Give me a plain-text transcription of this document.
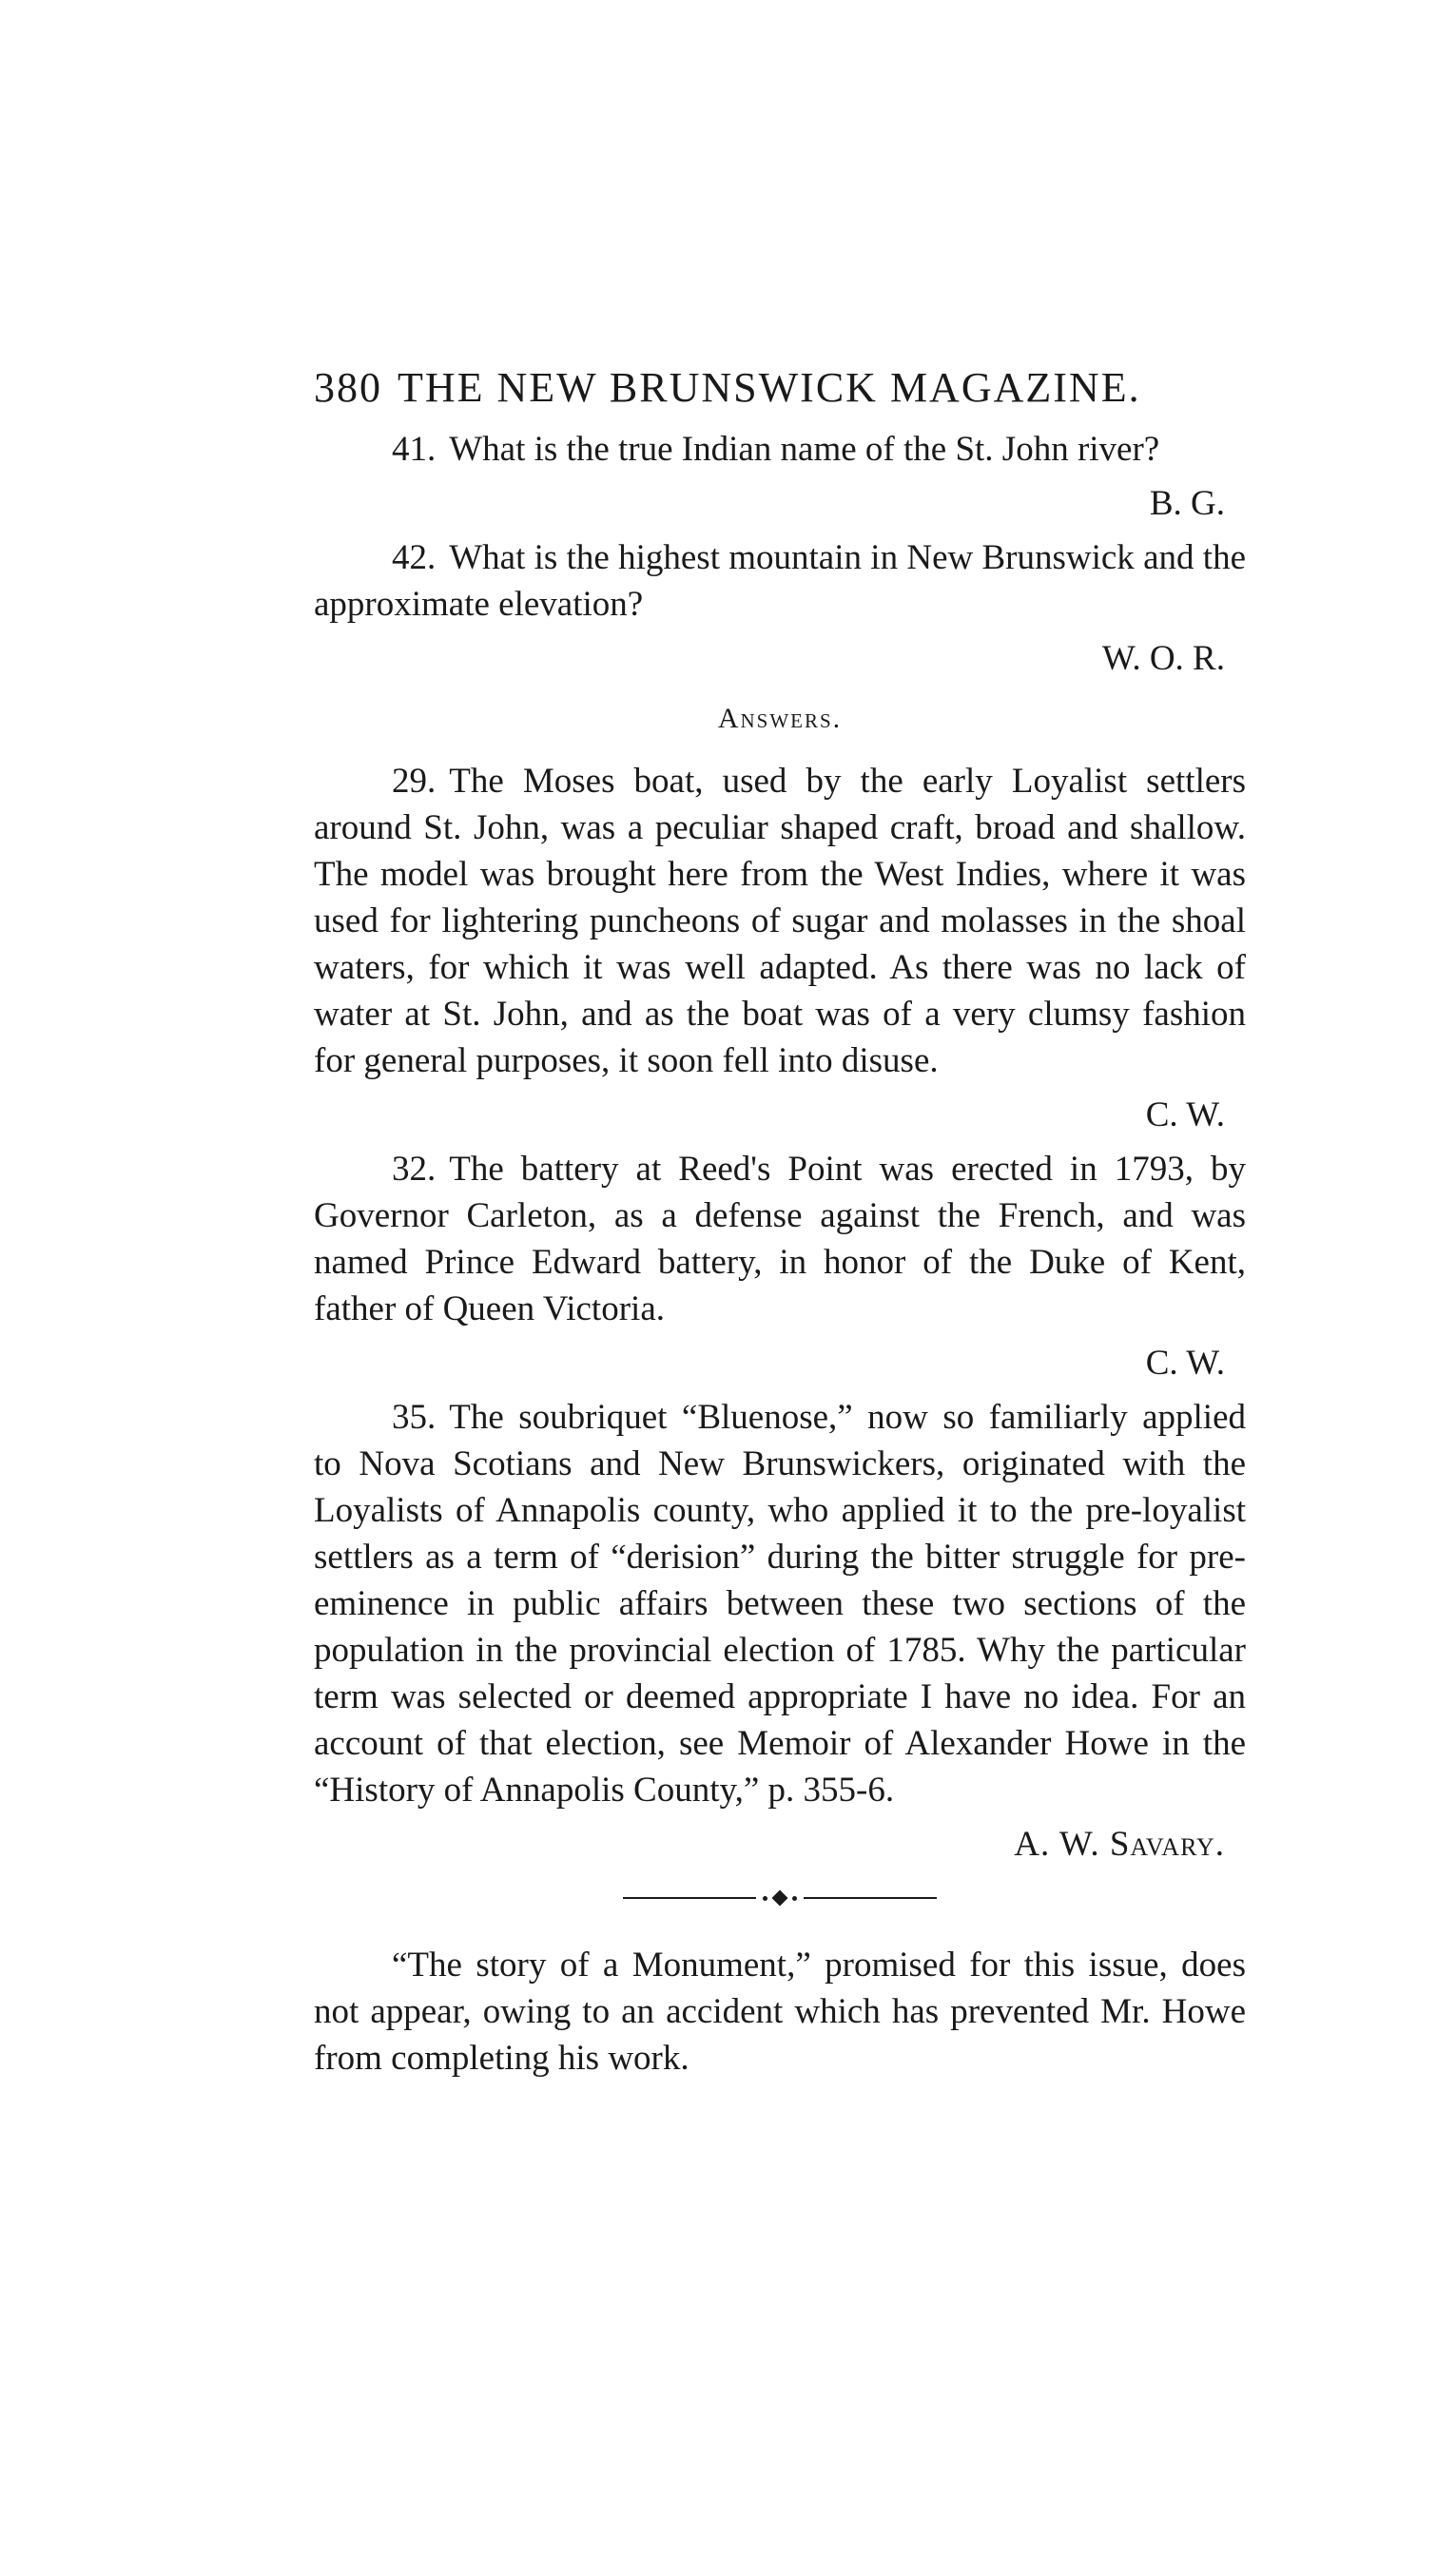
380 THE NEW BRUNSWICK MAGAZINE.

41. What is the true Indian name of the St. John river?

B. G.

42. What is the highest mountain in New Brunswick and the approximate elevation?

W. O. R.
Answers.

29. The Moses boat, used by the early Loyalist settlers around St. John, was a peculiar shaped craft, broad and shallow. The model was brought here from the West Indies, where it was used for lightering puncheons of sugar and molasses in the shoal waters, for which it was well adapted. As there was no lack of water at St. John, and as the boat was of a very clumsy fashion for general purposes, it soon fell into disuse.

C. W.

32. The battery at Reed's Point was erected in 1793, by Governor Carleton, as a defense against the French, and was named Prince Edward battery, in honor of the Duke of Kent, father of Queen Victoria.

C. W.

35. The soubriquet “Bluenose,” now so familiarly applied to Nova Scotians and New Brunswickers, originated with the Loyalists of Annapolis county, who applied it to the pre-loyalist settlers as a term of “derision” during the bitter struggle for pre-eminence in public affairs between these two sections of the population in the provincial election of 1785. Why the particular term was selected or deemed appropriate I have no idea. For an account of that election, see Memoir of Alexander Howe in the “History of Annapolis County,” p. 355-6.

A. W. Savary.

“The story of a Monument,” promised for this issue, does not appear, owing to an accident which has prevented Mr. Howe from completing his work.
